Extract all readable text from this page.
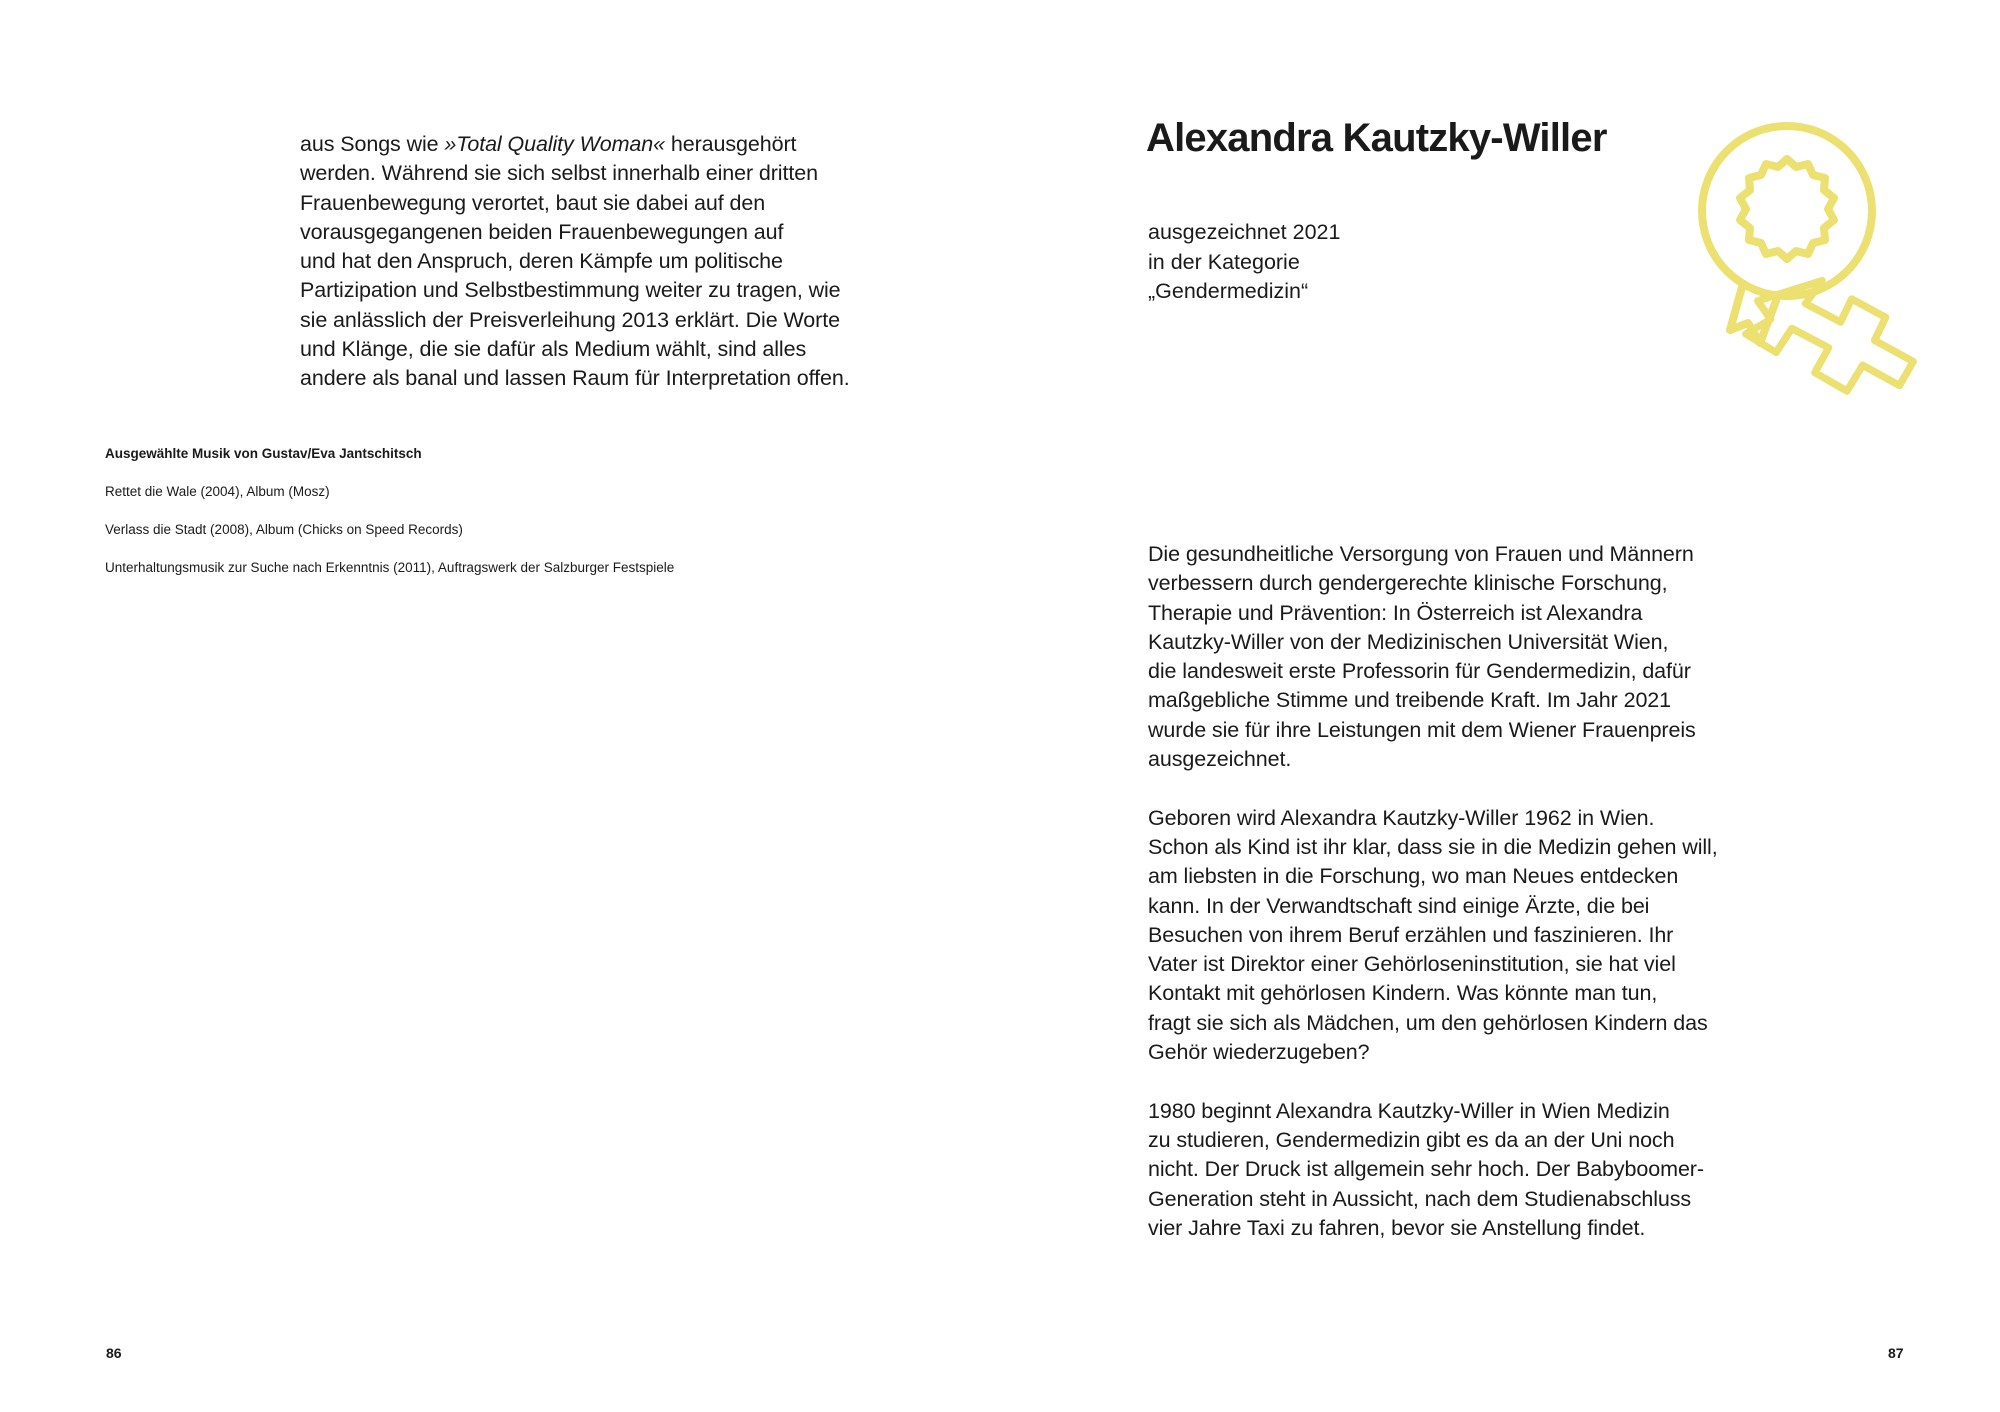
aus Songs wie »Total Quality Woman« herausgehört
werden. Während sie sich selbst innerhalb einer dritten
Frauenbewegung verortet, baut sie dabei auf den
vorausgegangenen beiden Frauenbewegungen auf
und hat den Anspruch, deren Kämpfe um politische
Partizipation und Selbstbestimmung weiter zu tragen, wie
sie anlässlich der Preisverleihung 2013 erklärt. Die Worte
und Klänge, die sie dafür als Medium wählt, sind alles
andere als banal und lassen Raum für Interpretation offen.
Ausgewählte Musik von Gustav/Eva Jantschitsch
Rettet die Wale (2004), Album (Mosz)
Verlass die Stadt (2008), Album (Chicks on Speed Records)
Unterhaltungsmusik zur Suche nach Erkenntnis (2011), Auftragswerk der Salzburger Festspiele
86
Alexandra Kautzky-Willer
ausgezeichnet 2021
in der Kategorie
„Gendermedizin“

Die gesundheitliche Versorgung von Frauen und Männern
verbessern durch gendergerechte klinische Forschung,
Therapie und Prävention: In Österreich ist Alexandra
Kautzky-Willer von der Medizinischen Universität Wien,
die landesweit erste Professorin für Gendermedizin, dafür
maßgebliche Stimme und treibende Kraft. Im Jahr 2021
wurde sie für ihre Leistungen mit dem Wiener Frauenpreis
ausgezeichnet.

Geboren wird Alexandra Kautzky-Willer 1962 in Wien.
Schon als Kind ist ihr klar, dass sie in die Medizin gehen will,
am liebsten in die Forschung, wo man Neues entdecken
kann. In der Verwandtschaft sind einige Ärzte, die bei
Besuchen von ihrem Beruf erzählen und faszinieren. Ihr
Vater ist Direktor einer Gehörloseninstitution, sie hat viel
Kontakt mit gehörlosen Kindern. Was könnte man tun,
fragt sie sich als Mädchen, um den gehörlosen Kindern das
Gehör wiederzugeben?

1980 beginnt Alexandra Kautzky-Willer in Wien Medizin
zu studieren, Gendermedizin gibt es da an der Uni noch
nicht. Der Druck ist allgemein sehr hoch. Der Babyboomer-
Generation steht in Aussicht, nach dem Studienabschluss
vier Jahre Taxi zu fahren, bevor sie Anstellung findet.

87
